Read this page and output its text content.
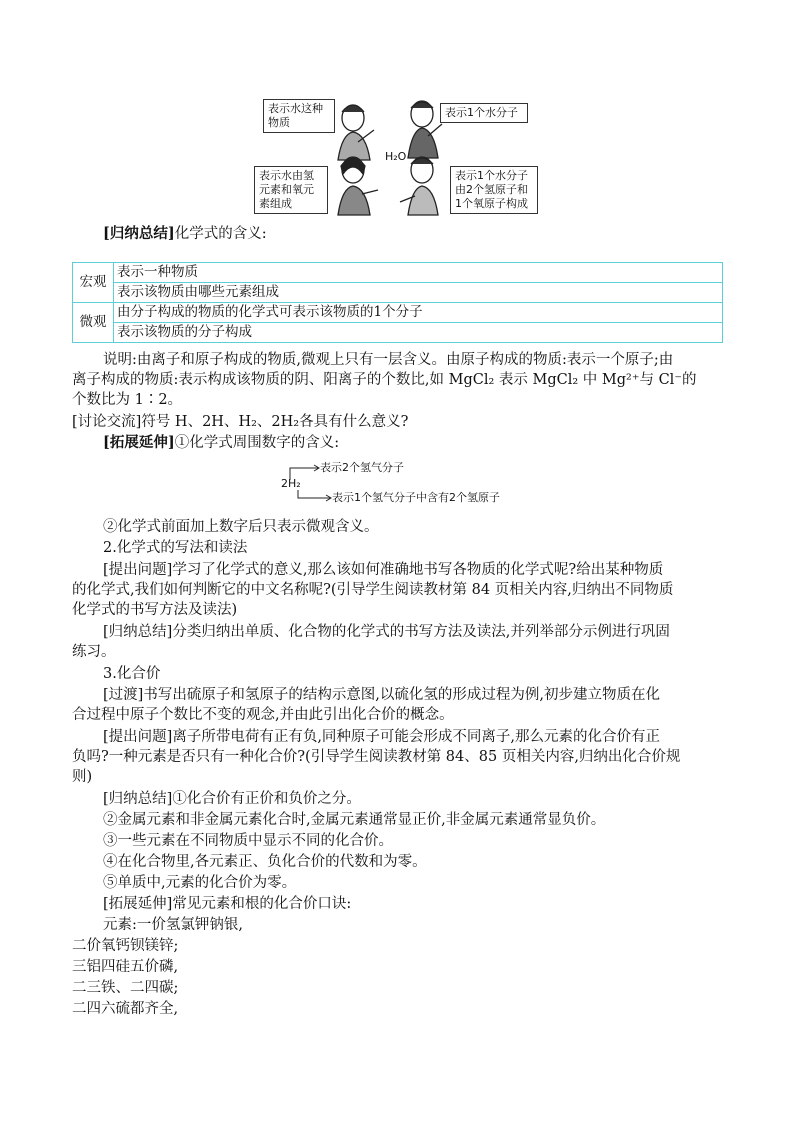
表示水这种
物质
表示1个水分子
H₂O
表示水由氢
元素和氧元
素组成
表示1个水分子
由2个氢原子和
1个氧原子构成
[归纳总结]化学式的含义:
宏观	表示一种物质
	表示该物质由哪些元素组成
微观	由分子构成的物质的化学式可表示该物质的1个分子
	表示该物质的分子构成
说明:由离子和原子构成的物质,微观上只有一层含义。由原子构成的物质:表示一个原子;由
离子构成的物质:表示构成该物质的阴、阳离子的个数比,如 MgCl₂ 表示 MgCl₂ 中 Mg²⁺与 Cl⁻的
个数比为 1∶2。
[讨论交流]符号 H、2H、H₂、2H₂各具有什么意义?
[拓展延伸]①化学式周围数字的含义:
2H₂
表示2个氢气分子
表示1个氢气分子中含有2个氢原子
②化学式前面加上数字后只表示微观含义。
2.化学式的写法和读法
[提出问题]学习了化学式的意义,那么该如何准确地书写各物质的化学式呢?给出某种物质
的化学式,我们如何判断它的中文名称呢?(引导学生阅读教材第 84 页相关内容,归纳出不同物质
化学式的书写方法及读法)
[归纳总结]分类归纳出单质、化合物的化学式的书写方法及读法,并列举部分示例进行巩固
练习。
3.化合价
[过渡]书写出硫原子和氢原子的结构示意图,以硫化氢的形成过程为例,初步建立物质在化
合过程中原子个数比不变的观念,并由此引出化合价的概念。
[提出问题]离子所带电荷有正有负,同种原子可能会形成不同离子,那么元素的化合价有正
负吗?一种元素是否只有一种化合价?(引导学生阅读教材第 84、85 页相关内容,归纳出化合价规
则)
[归纳总结]①化合价有正价和负价之分。
②金属元素和非金属元素化合时,金属元素通常显正价,非金属元素通常显负价。
③一些元素在不同物质中显示不同的化合价。
④在化合物里,各元素正、负化合价的代数和为零。
⑤单质中,元素的化合价为零。
[拓展延伸]常见元素和根的化合价口诀:
元素:一价氢氯钾钠银,
二价氧钙钡镁锌;
三铝四硅五价磷,
二三铁、二四碳;
二四六硫都齐全,
